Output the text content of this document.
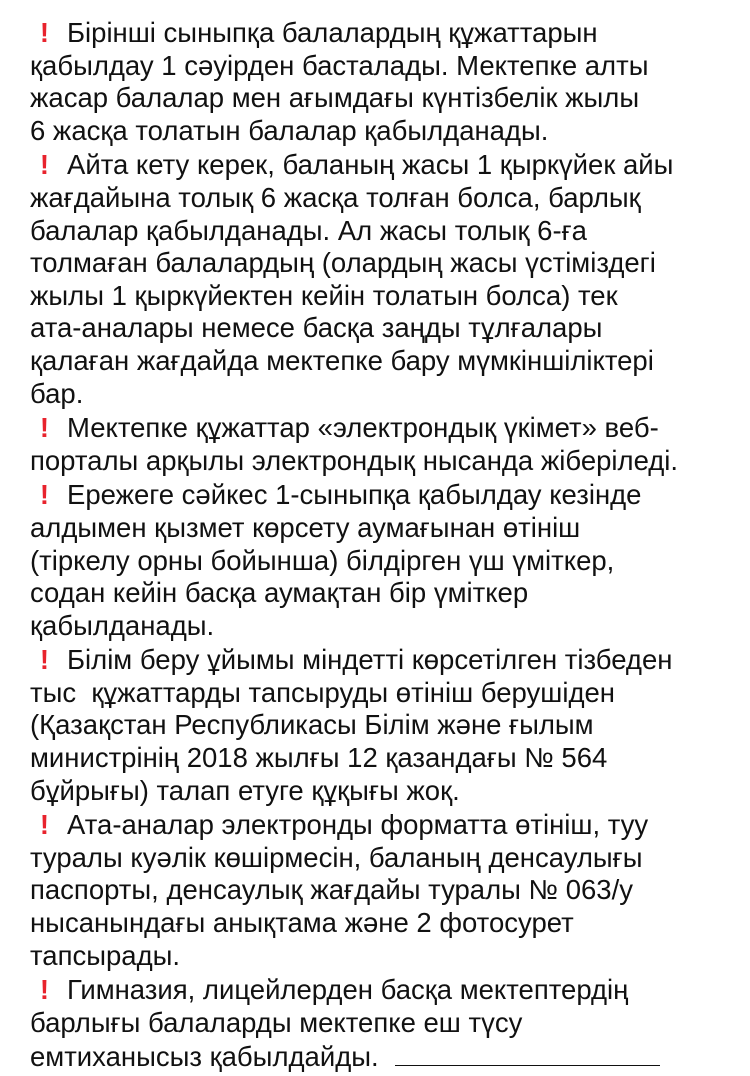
! Бірінші сыныпқа балалардың құжаттарын
қабылдау 1 сәуірден басталады. Мектепке алты
жасар балалар мен ағымдағы күнтізбелік жылы
6 жасқа толатын балалар қабылданады.

! Айта кету керек, баланың жасы 1 қыркүйек айы
жағдайына толық 6 жасқа толған болса, барлық
балалар қабылданады. Ал жасы толық 6-ға
толмаған балалардың (олардың жасы үстіміздегі
жылы 1 қыркүйектен кейін толатын болса) тек
ата-аналары немесе басқа заңды тұлғалары
қалаған жағдайда мектепке бару мүмкіншіліктері
бар.

! Мектепке құжаттар «электрондық үкімет» веб-
порталы арқылы электрондық нысанда жіберіледі.

! Ережеге сәйкес 1-сыныпқа қабылдау кезінде
алдымен қызмет көрсету аумағынан өтініш
(тіркелу орны бойынша) білдірген үш үміткер,
содан кейін басқа аумақтан бір үміткер
қабылданады.

! Білім беру ұйымы міндетті көрсетілген тізбеден
тыс  құжаттарды тапсыруды өтініш берушіден
(Қазақстан Республикасы Білім және ғылым
министрінің 2018 жылғы 12 қазандағы № 564
бұйрығы) талап етуге құқығы жоқ.

! Ата-аналар электронды форматта өтініш, туу
туралы куәлік көшірмесін, баланың денсаулығы
паспорты, денсаулық жағдайы туралы № 063/у
нысанындағы анықтама және 2 фотосурет
тапсырады.

! Гимназия, лицейлерден басқа мектептердің
барлығы балаларды мектепке еш түсу
емтиханысыз қабылдайды.
